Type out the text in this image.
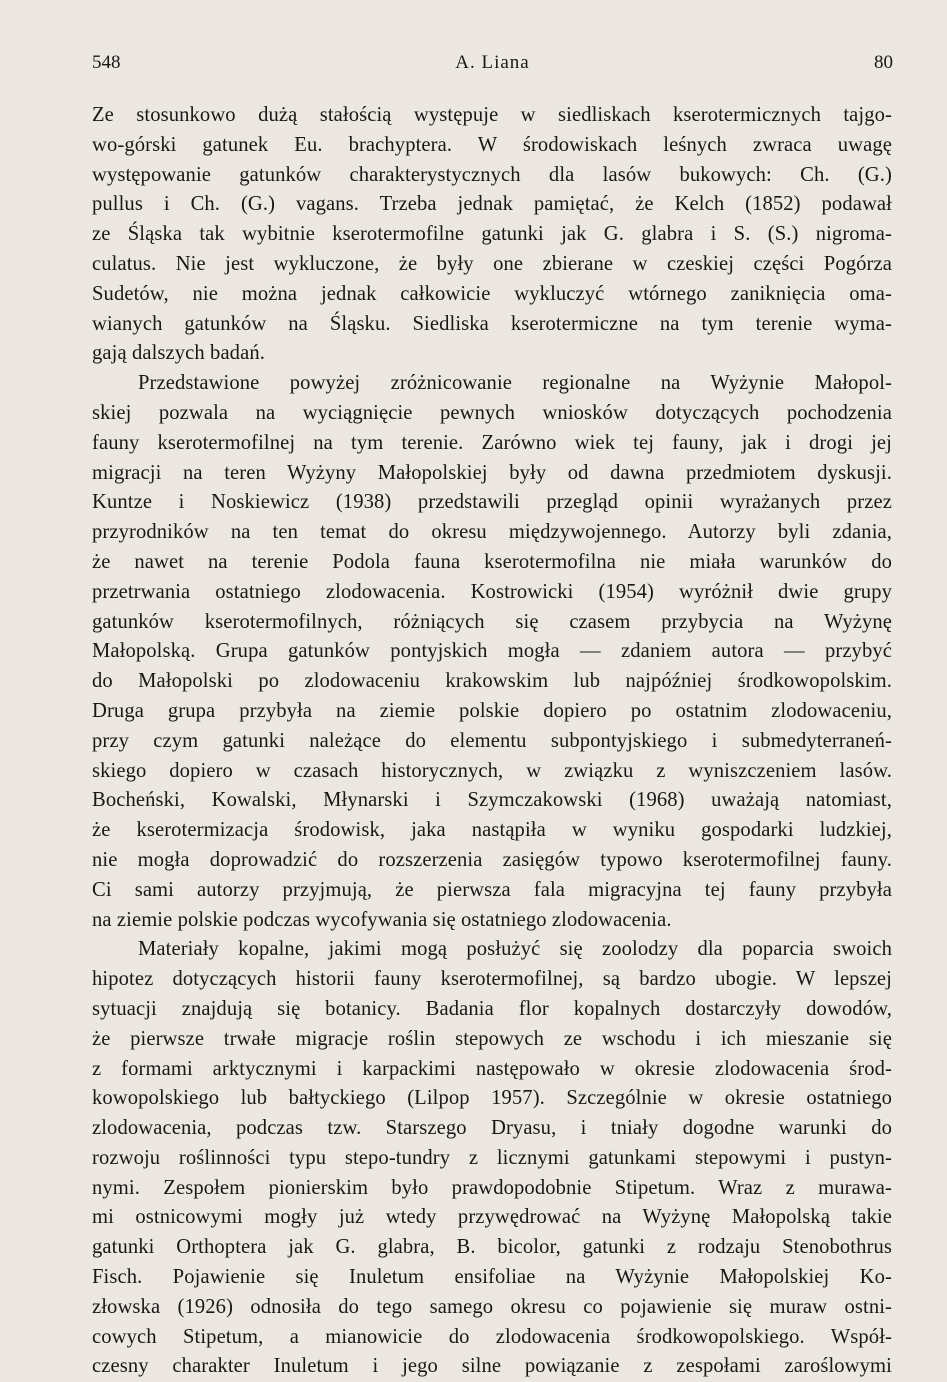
548	A. Liana	80
Ze stosunkowo dużą stałością występuje w siedliskach kserotermicznych tajgo-
wo-górski gatunek Eu. brachyptera. W środowiskach leśnych zwraca uwagę
występowanie gatunków charakterystycznych dla lasów bukowych: Ch. (G.)
pullus i Ch. (G.) vagans. Trzeba jednak pamiętać, że Kelch (1852) podawał
ze Śląska tak wybitnie kserotermofilne gatunki jak G. glabra i S. (S.) nigroma-
culatus. Nie jest wykluczone, że były one zbierane w czeskiej części Pogórza
Sudetów, nie można jednak całkowicie wykluczyć wtórnego zaniknięcia oma-
wianych gatunków na Śląsku. Siedliska kserotermiczne na tym terenie wyma-
gają dalszych badań.
Przedstawione powyżej zróżnicowanie regionalne na Wyżynie Małopol-
skiej pozwala na wyciągnięcie pewnych wniosków dotyczących pochodzenia
fauny kserotermofilnej na tym terenie. Zarówno wiek tej fauny, jak i drogi jej
migracji na teren Wyżyny Małopolskiej były od dawna przedmiotem dyskusji.
Kuntze i Noskiewicz (1938) przedstawili przegląd opinii wyrażanych przez
przyrodników na ten temat do okresu międzywojennego. Autorzy byli zdania,
że nawet na terenie Podola fauna kserotermofilna nie miała warunków do
przetrwania ostatniego zlodowacenia. Kostrowicki (1954) wyróżnił dwie grupy
gatunków kserotermofilnych, różniących się czasem przybycia na Wyżynę
Małopolską. Grupa gatunków pontyjskich mogła — zdaniem autora — przybyć
do Małopolski po zlodowaceniu krakowskim lub najpóźniej środkowopolskim.
Druga grupa przybyła na ziemie polskie dopiero po ostatnim zlodowaceniu,
przy czym gatunki należące do elementu subpontyjskiego i submedyterraneń-
skiego dopiero w czasach historycznych, w związku z wyniszczeniem lasów.
Bocheński, Kowalski, Młynarski i Szymczakowski (1968) uważają natomiast,
że kserotermizacja środowisk, jaka nastąpiła w wyniku gospodarki ludzkiej,
nie mogła doprowadzić do rozszerzenia zasięgów typowo kserotermofilnej fauny.
Ci sami autorzy przyjmują, że pierwsza fala migracyjna tej fauny przybyła
na ziemie polskie podczas wycofywania się ostatniego zlodowacenia.
Materiały kopalne, jakimi mogą posłużyć się zoolodzy dla poparcia swoich
hipotez dotyczących historii fauny kserotermofilnej, są bardzo ubogie. W lepszej
sytuacji znajdują się botanicy. Badania flor kopalnych dostarczyły dowodów,
że pierwsze trwałe migracje roślin stepowych ze wschodu i ich mieszanie się
z formami arktycznymi i karpackimi następowało w okresie zlodowacenia środ-
kowopolskiego lub bałtyckiego (Lilpop 1957). Szczególnie w okresie ostatniego
zlodowacenia, podczas tzw. Starszego Dryasu, i tniały dogodne warunki do
rozwoju roślinności typu stepo-tundry z licznymi gatunkami stepowymi i pustyn-
nymi. Zespołem pionierskim było prawdopodobnie Stipetum. Wraz z murawa-
mi ostnicowymi mogły już wtedy przywędrować na Wyżynę Małopolską takie
gatunki Orthoptera jak G. glabra, B. bicolor, gatunki z rodzaju Stenobothrus
Fisch. Pojawienie się Inuletum ensifoliae na Wyżynie Małopolskiej Ko-
złowska (1926) odnosiła do tego samego okresu co pojawienie się muraw ostni-
cowych Stipetum, a mianowicie do zlodowacenia środkowopolskiego. Współ-
czesny charakter Inuletum i jego silne powiązanie z zespołami zaroślowymi
